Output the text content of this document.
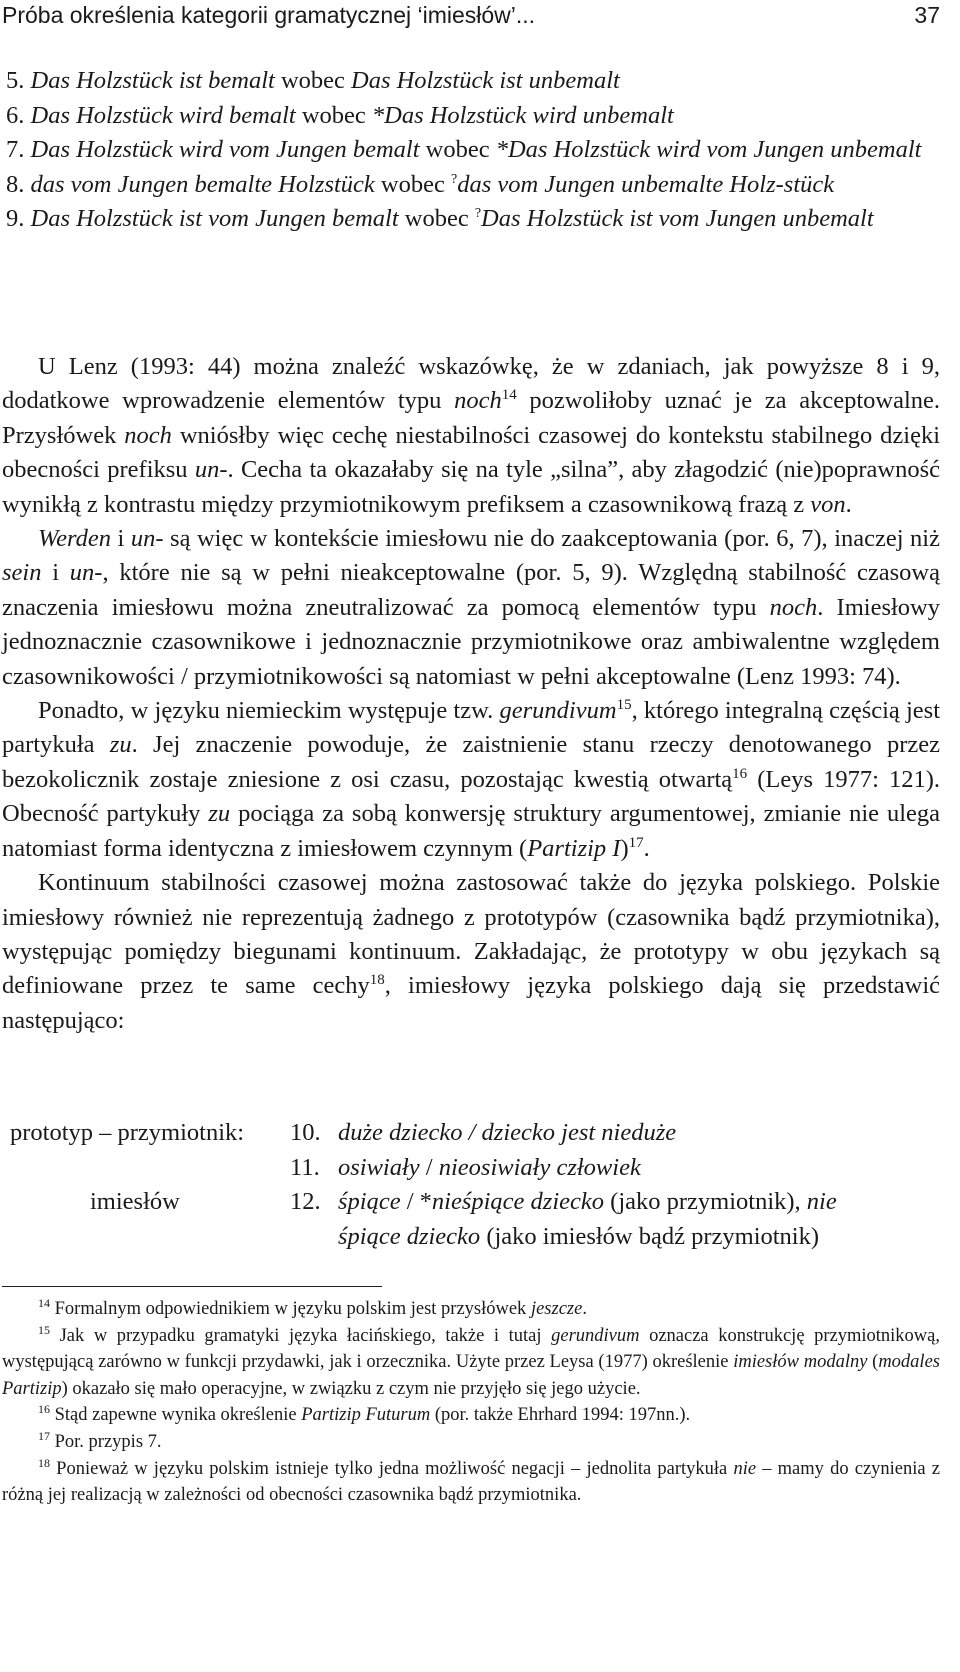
Próba określenia kategorii gramatycznej ‘imiesłów’...	37
5. Das Holzstück ist bemalt wobec Das Holzstück ist unbemalt
6. Das Holzstück wird bemalt wobec *Das Holzstück wird unbemalt
7. Das Holzstück wird vom Jungen bemalt wobec *Das Holzstück wird vom Jungen unbemalt
8. das vom Jungen bemalte Holzstück wobec ?das vom Jungen unbemalte Holz-stück
9. Das Holzstück ist vom Jungen bemalt wobec ?Das Holzstück ist vom Jungen unbemalt

U Lenz (1993: 44) można znaleźć wskazówkę, że w zdaniach, jak powyższe 8 i 9, dodatkowe wprowadzenie elementów typu noch$^{14}$ pozwoliłoby uznać je za akceptowalne. Przysłówek noch wniósłby więc cechę niestabilności czasowej do kontekstu stabilnego dzięki obecności prefiksu un-. Cecha ta okazałaby się na tyle „silna”, aby złagodzić (nie)poprawność wynikłą z kontrastu między przymiotnikowym prefiksem a czasownikową frazą z von.

Werden i un- są więc w kontekście imiesłowu nie do zaakceptowania (por. 6, 7), inaczej niż sein i un-, które nie są w pełni nieakceptowalne (por. 5, 9). Względną stabilność czasową znaczenia imiesłowu można zneutralizować za pomocą elementów typu noch. Imiesłowy jednoznacznie czasownikowe i jednoznacznie przymiotnikowe oraz ambiwalentne względem czasownikowości / przymiotnikowości są natomiast w pełni akceptowalne (Lenz 1993: 74).

Ponadto, w języku niemieckim występuje tzw. gerundivum$^{15}$, którego integralną częścią jest partykuła zu. Jej znaczenie powoduje, że zaistnienie stanu rzeczy denotowanego przez bezokolicznik zostaje zniesione z osi czasu, pozostając kwestią otwartą$^{16}$ (Leys 1977: 121). Obecność partykuły zu pociąga za sobą konwersję struktury argumentowej, zmianie nie ulega natomiast forma identyczna z imiesłowem czynnym (Partizip I)$^{17}$.

Kontinuum stabilności czasowej można zastosować także do języka polskiego. Polskie imiesłowy również nie reprezentują żadnego z prototypów (czasownika bądź przymiotnika), występując pomiędzy biegunami kontinuum. Zakładając, że prototypy w obu językach są definiowane przez te same cechy$^{18}$, imiesłowy języka polskiego dają się przedstawić następująco:

prototyp – przymiotnik: 10. duże dziecko / dziecko jest nieduże
11. osiwiały / nieosiwiały człowiek
imiesłów	12. śpiące / *nieśpiące dziecko (jako przymiotnik), nie
śpiące dziecko (jako imiesłów bądź przymiotnik)

$^{14}$ Formalnym odpowiednikiem w języku polskim jest przysłówek jeszcze.

$^{15}$ Jak w przypadku gramatyki języka łacińskiego, także i tutaj gerundivum oznacza konstrukcję przymiotnikową, występującą zarówno w funkcji przydawki, jak i orzecznika. Użyte przez Leysa (1977) określenie imiesłów modalny (modales Partizip) okazało się mało operacyjne, w związku z czym nie przyjęło się jego użycie.

$^{16}$ Stąd zapewne wynika określenie Partizip Futurum (por. także Ehrhard 1994: 197nn.).

$^{17}$ Por. przypis 7.

$^{18}$ Ponieważ w języku polskim istnieje tylko jedna możliwość negacji – jednolita partykuła nie – mamy do czynienia z różną jej realizacją w zależności od obecności czasownika bądź przymiotnika.
